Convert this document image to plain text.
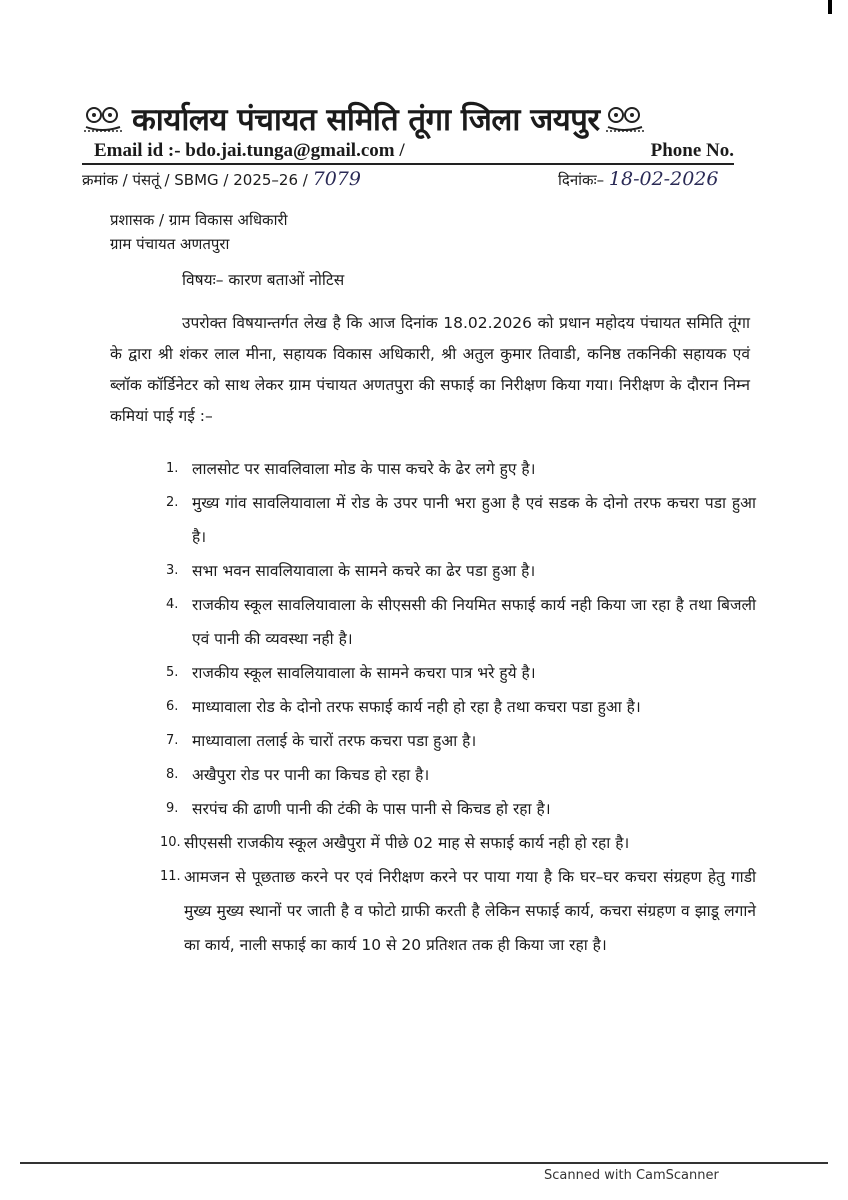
कार्यालय पंचायत समिति तूंगा जिला जयपुर
Email id :- bdo.jai.tunga@gmail.com /	Phone No.
क्रमांक / पंसतूं / SBMG / 2025–26 / 7079	दिनांकः– 18-02-2026
प्रशासक / ग्राम विकास अधिकारी
ग्राम पंचायत अणतपुरा
विषयः– कारण बताओं नोटिस
उपरोक्त विषयान्तर्गत लेख है कि आज दिनांक 18.02.2026 को प्रधान महोदय पंचायत समिति तूंगा के द्वारा श्री शंकर लाल मीना, सहायक विकास अधिकारी, श्री अतुल कुमार तिवाडी, कनिष्ठ तकनिकी सहायक एवं ब्लॉक कॉर्डिनेटर को साथ लेकर ग्राम पंचायत अणतपुरा की सफाई का निरीक्षण किया गया। निरीक्षण के दौरान निम्न कमियां पाई गई :–
1. लालसोट पर सावलिवाला मोड के पास कचरे के ढेर लगे हुए है।
2. मुख्य गांव सावलियावाला में रोड के उपर पानी भरा हुआ है एवं सडक के दोनो तरफ कचरा पडा हुआ है।
3. सभा भवन सावलियावाला के सामने कचरे का ढेर पडा हुआ है।
4. राजकीय स्कूल सावलियावाला के सीएससी की नियमित सफाई कार्य नही किया जा रहा है तथा बिजली एवं पानी की व्यवस्था नही है।
5. राजकीय स्कूल सावलियावाला के सामने कचरा पात्र भरे हुये है।
6. माध्यावाला रोड के दोनो तरफ सफाई कार्य नही हो रहा है तथा कचरा पडा हुआ है।
7. माध्यावाला तलाई के चारों तरफ कचरा पडा हुआ है।
8. अखैपुरा रोड पर पानी का किचड हो रहा है।
9. सरपंच की ढाणी पानी की टंकी के पास पानी से किचड हो रहा है।
10. सीएससी राजकीय स्कूल अखैपुरा में पीछे 02 माह से सफाई कार्य नही हो रहा है।
11. आमजन से पूछताछ करने पर एवं निरीक्षण करने पर पाया गया है कि घर–घर कचरा संग्रहण हेतु गाडी मुख्य मुख्य स्थानों पर जाती है व फोटो ग्राफी करती है लेकिन सफाई कार्य, कचरा संग्रहण व झाडू लगाने का कार्य, नाली सफाई का कार्य 10 से 20 प्रतिशत तक ही किया जा रहा है।
Scanned with CamScanner
